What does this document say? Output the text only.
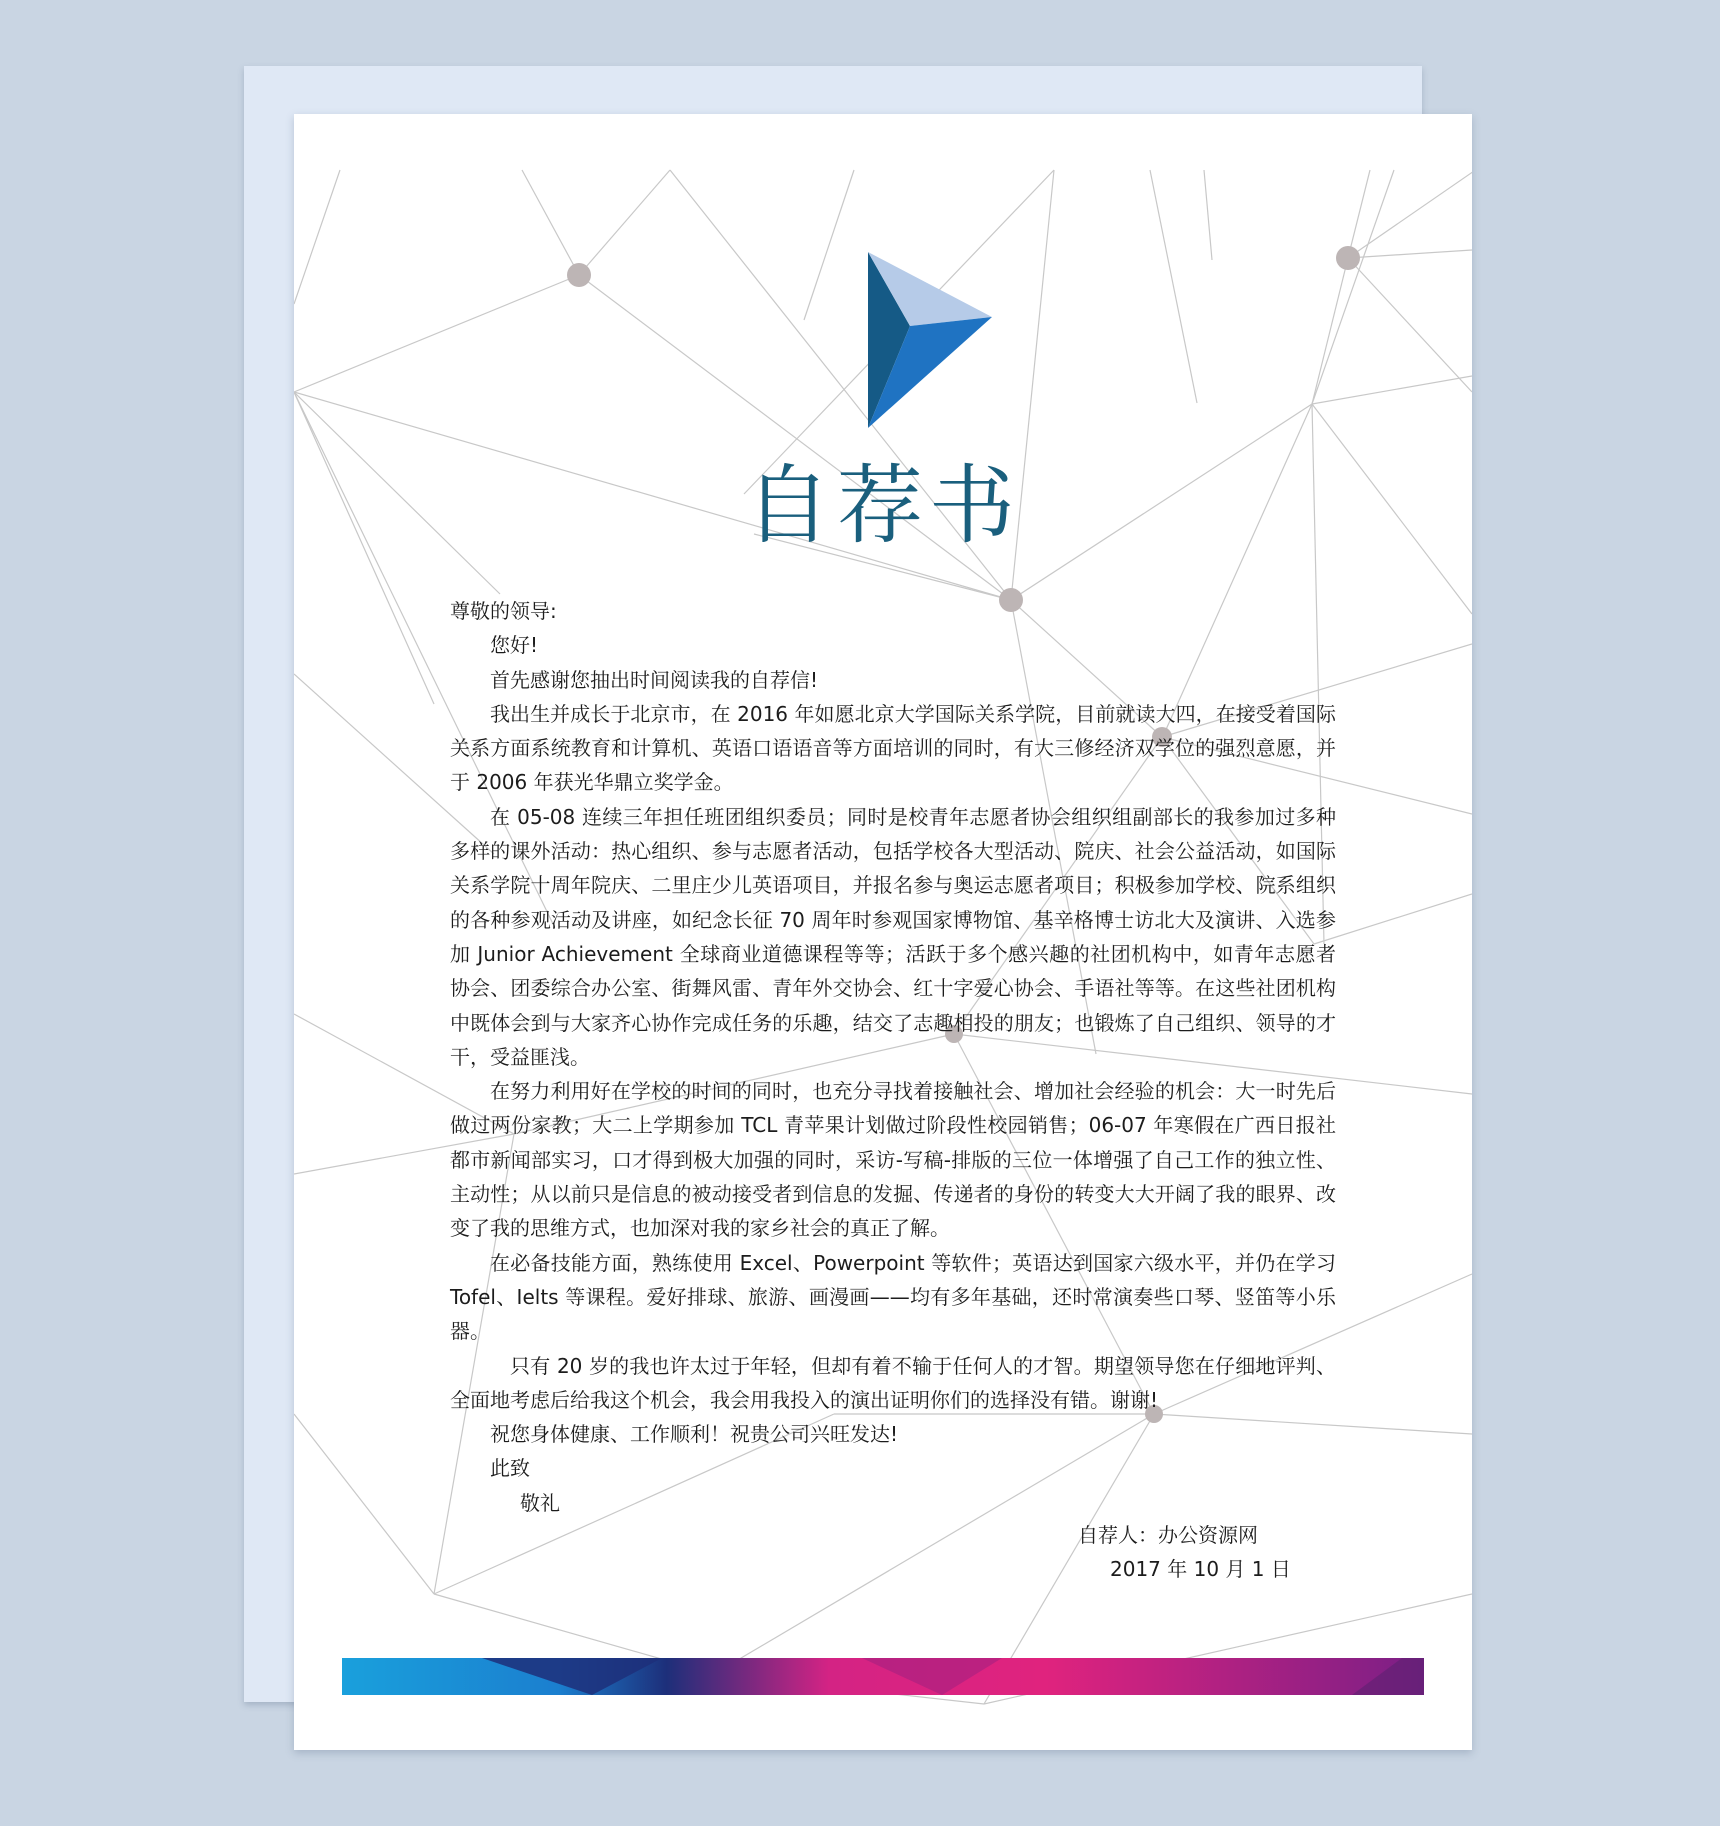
自荐书

尊敬的领导:

您好!

首先感谢您抽出时间阅读我的自荐信!

我出生并成长于北京市，在 2016 年如愿北京大学国际关系学院，目前就读大四，在接受着国际关系方面系统教育和计算机、英语口语语音等方面培训的同时，有大三修经济双学位的强烈意愿，并于 2006 年获光华鼎立奖学金。

在 05-08 连续三年担任班团组织委员；同时是校青年志愿者协会组织组副部长的我参加过多种多样的课外活动：热心组织、参与志愿者活动，包括学校各大型活动、院庆、社会公益活动，如国际关系学院十周年院庆、二里庄少儿英语项目，并报名参与奥运志愿者项目；积极参加学校、院系组织的各种参观活动及讲座，如纪念长征 70 周年时参观国家博物馆、基辛格博士访北大及演讲、入选参加 Junior Achievement 全球商业道德课程等等；活跃于多个感兴趣的社团机构中，如青年志愿者协会、团委综合办公室、街舞风雷、青年外交协会、红十字爱心协会、手语社等等。在这些社团机构中既体会到与大家齐心协作完成任务的乐趣，结交了志趣相投的朋友；也锻炼了自己组织、领导的才干，受益匪浅。

在努力利用好在学校的时间的同时，也充分寻找着接触社会、增加社会经验的机会：大一时先后做过两份家教；大二上学期参加 TCL 青苹果计划做过阶段性校园销售；06-07 年寒假在广西日报社都市新闻部实习，口才得到极大加强的同时，采访-写稿-排版的三位一体增强了自己工作的独立性、主动性；从以前只是信息的被动接受者到信息的发掘、传递者的身份的转变大大开阔了我的眼界、改变了我的思维方式，也加深对我的家乡社会的真正了解。

在必备技能方面，熟练使用 Excel、Powerpoint 等软件；英语达到国家六级水平，并仍在学习 Tofel、Ielts 等课程。爱好排球、旅游、画漫画——均有多年基础，还时常演奏些口琴、竖笛等小乐器。

只有 20 岁的我也许太过于年轻，但却有着不输于任何人的才智。期望领导您在仔细地评判、全面地考虑后给我这个机会，我会用我投入的演出证明你们的选择没有错。谢谢!

祝您身体健康、工作顺利！祝贵公司兴旺发达!

此致

敬礼

自荐人：办公资源网
2017 年 10 月 1 日
